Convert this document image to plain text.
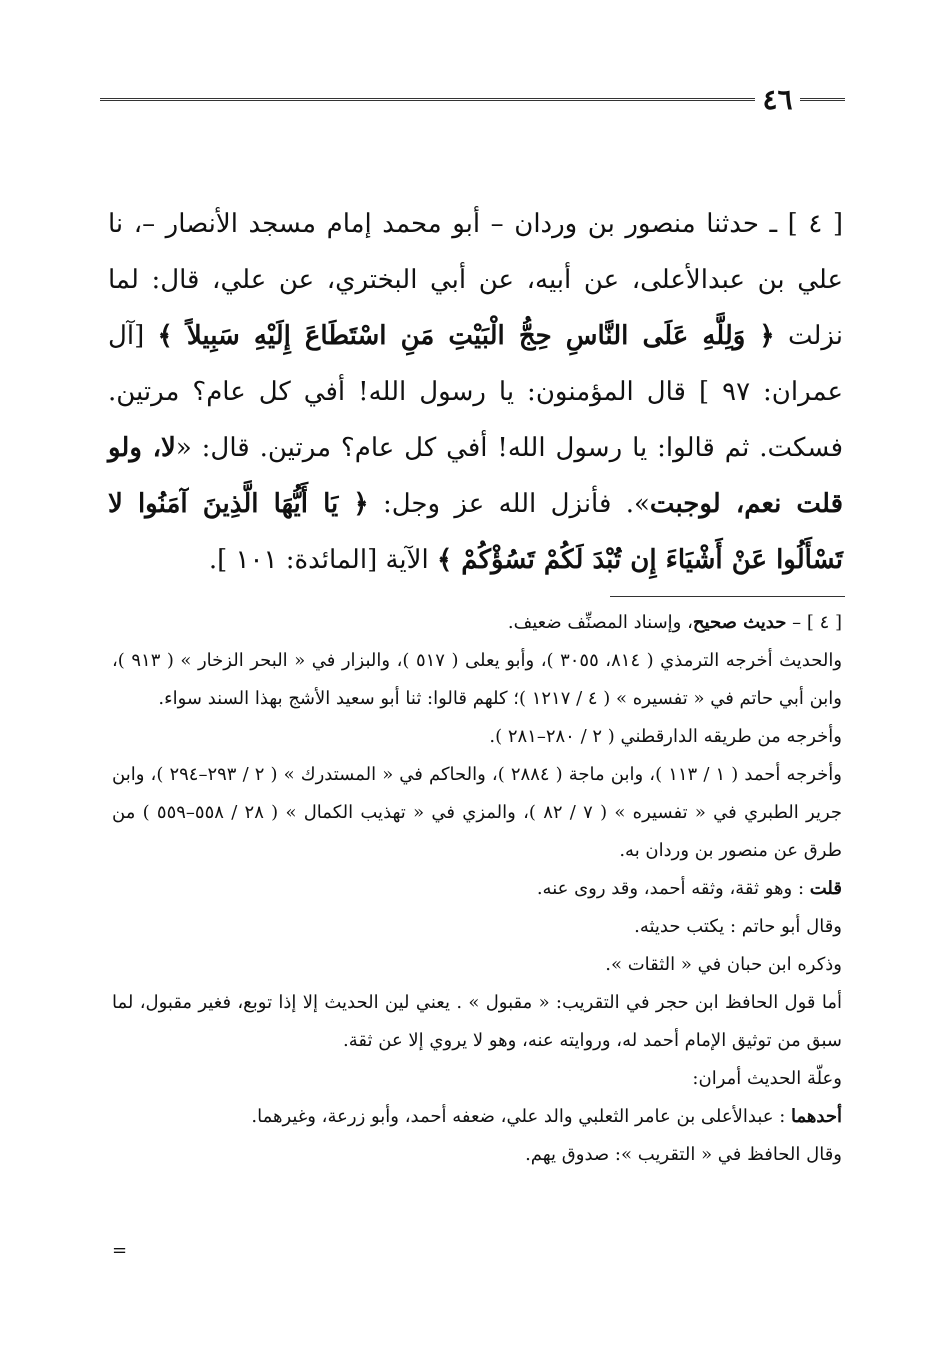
٤٦

[ ٤ ] ـ حدثنا منصور بن وردان – أبو محمد إمام مسجد الأنصار –، نا علي بن عبدالأعلى، عن أبيه، عن أبي البختري، عن علي، قال: لما نزلت ﴿ وَلِلَّهِ عَلَى النَّاسِ حِجُّ الْبَيْتِ مَنِ اسْتَطَاعَ إِلَيْهِ سَبِيلاً ﴾ [آل عمران: ٩٧ ] قال المؤمنون: يا رسول الله! أفي كل عام؟ مرتين. فسكت. ثم قالوا: يا رسول الله! أفي كل عام؟ مرتين. قال: «لا، ولو قلت نعم، لوجبت». فأنزل الله عز وجل: ﴿ يَا أَيُّهَا الَّذِينَ آمَنُوا لا تَسْأَلُوا عَنْ أَشْيَاءَ إِن تُبْدَ لَكُمْ تَسُؤْكُمْ ﴾ الآية [المائدة: ١٠١ ].

[ ٤ ] – حديث صحيح، وإسناد المصنِّف ضعيف.

والحديث أخرجه الترمذي ( ٨١٤، ٣٠٥٥ )، وأبو يعلى ( ٥١٧ )، والبزار في « البحر الزخار » ( ٩١٣ )، وابن أبي حاتم في « تفسيره » ( ٤ / ١٢١٧ )؛ كلهم قالوا: ثنا أبو سعيد الأشج بهذا السند سواء.

وأخرجه من طريقه الدارقطني ( ٢ / ٢٨٠–٢٨١ ).

وأخرجه أحمد ( ١ / ١١٣ )، وابن ماجة ( ٢٨٨٤ )، والحاكم في « المستدرك » ( ٢ / ٢٩٣–٢٩٤ )، وابن جرير الطبري في « تفسيره » ( ٧ / ٨٢ )، والمزي في « تهذيب الكمال » ( ٢٨ / ٥٥٨–٥٥٩ ) من طرق عن منصور بن وردان به.

قلت : وهو ثقة، وثقه أحمد، وقد روى عنه.

وقال أبو حاتم : يكتب حديثه.

وذكره ابن حبان في « الثقات ».

أما قول الحافظ ابن حجر في التقريب: « مقبول » . يعني لين الحديث إلا إذا توبع، فغير مقبول، لما سبق من توثيق الإمام أحمد له، وروايته عنه، وهو لا يروي إلا عن ثقة.

وعلّة الحديث أمران:

أحدهما : عبدالأعلى بن عامر الثعلبي والد علي، ضعفه أحمد، وأبو زرعة، وغيرهما.

وقال الحافظ في « التقريب »: صدوق يهم.

=
